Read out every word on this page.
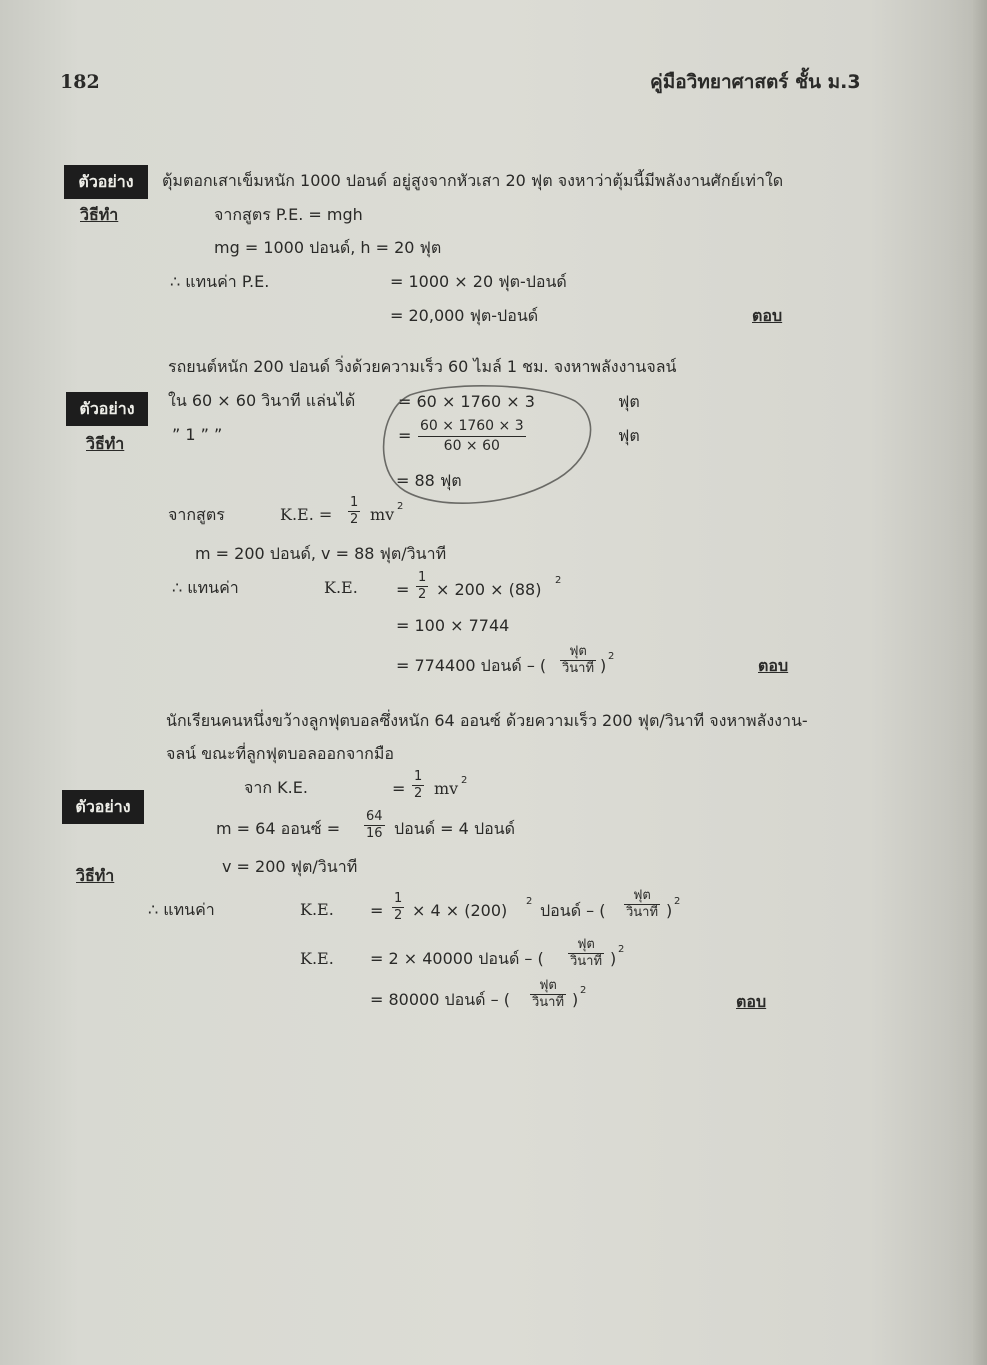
182	คู่มือวิทยาศาสตร์ ชั้น ม.3
ตัวอย่าง	ตุ้มตอกเสาเข็มหนัก 1000 ปอนด์ อยู่สูงจากหัวเสา 20 ฟุต จงหาว่าตุ้มนี้มีพลังงานศักย์เท่าใด
วิธีทำ	จากสูตร P.E. = mgh
mg = 1000 ปอนด์, h = 20 ฟุต
∴ แทนค่า P.E.	= 1000 × 20 ฟุต-ปอนด์
= 20,000 ฟุต-ปอนด์	ตอบ
รถยนต์หนัก 200 ปอนด์ วิ่งด้วยความเร็ว 60 ไมล์ 1 ชม. จงหาพลังงานจลน์
ตัวอย่าง
วิธีทำ
ใน 60 × 60 วินาที แล่นได้	= 60 × 1760 × 3	ฟุต
” 1 ” ”	= 60 × 1760 × 3
60 × 60
ฟุต
= 88 ฟุต
จากสูตร	K.E. =
1
2 mv 2
m = 200 ปอนด์, v = 88 ฟุต/วินาที
∴ แทนค่า	K.E. =
1
2 × 200 × (88) 2
= 100 × 7744
= 774400 ปอนด์ – (
ฟุต
วินาที ) 2	ตอบ
นักเรียนคนหนึ่งขว้างลูกฟุตบอลซึ่งหนัก 64 ออนซ์ ด้วยความเร็ว 200 ฟุต/วินาที จงหาพลังงาน-
จลน์ ขณะที่ลูกฟุตบอลออกจากมือ
จาก K.E.	=
1
2 mv 2
ตัวอย่าง
m = 64 ออนซ์ =
64
16 ปอนด์ = 4 ปอนด์
วิธีทำ	v = 200 ฟุต/วินาที
∴ แทนค่า	K.E. =
1
2 × 4 × (200) 2 ปอนด์ – (
ฟุต
วินาที ) 2
K.E. = 2 × 40000 ปอนด์ – (
ฟุต
วินาที ) 2
= 80000 ปอนด์ – (
ฟุต
วินาที ) 2
ตอบ
